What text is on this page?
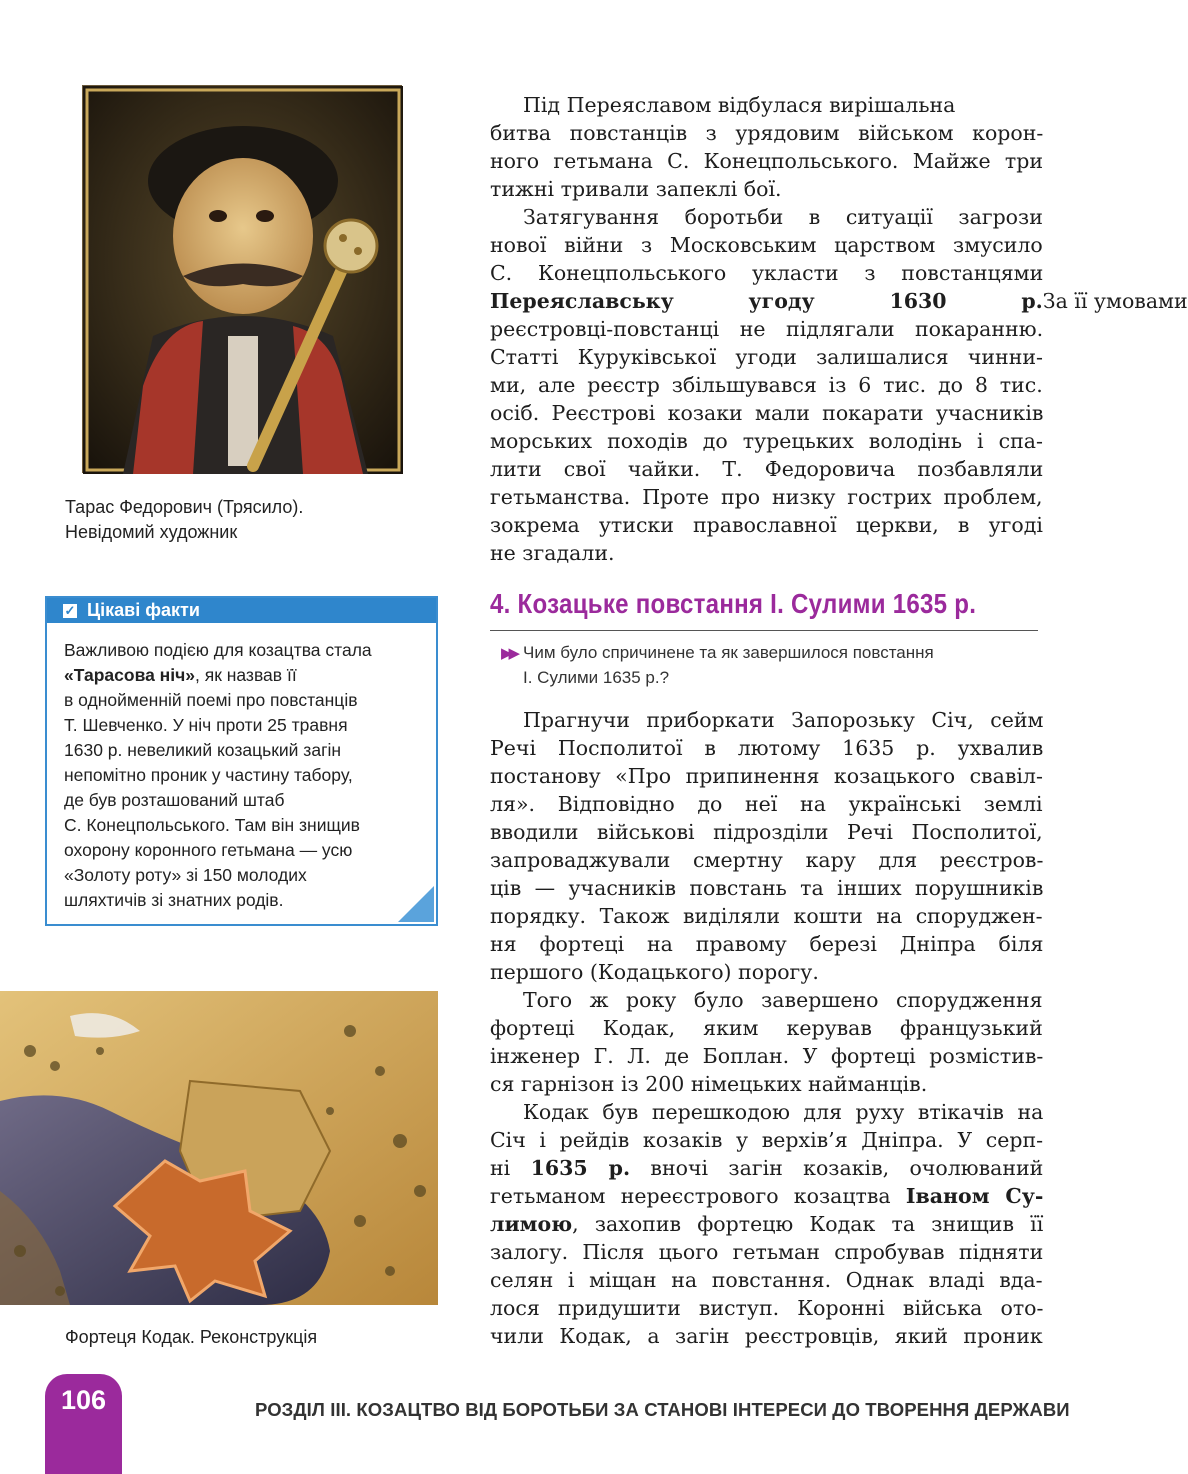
Тарас Федорович (Трясило).
Невідомий художник
✓ Цікаві факти
Важливою подією для козацтва стала
«Тарасова ніч», як назвав її
в однойменній поемі про повстанців
Т. Шевченко. У ніч проти 25 травня
1630 р. невеликий козацький загін
непомітно проник у частину табору,
де був розташований штаб
С. Конецпольського. Там він знищив
охорону коронного гетьмана — усю
«Золоту роту» зі 150 молодих
шляхтичів зі знатних родів.
Фортеця Кодак. Реконструкція
Під Переяславом відбулася вирішальна
битва повстанців з урядовим військом корон-
ного гетьмана С. Конецпольського. Майже три
тижні тривали запеклі бої.
Затягування боротьби в ситуації загрози
нової війни з Московським царством змусило
С. Конецпольського укласти з повстанцями
Переяславську угоду 1630 р. За її умовами
реєстровці-повстанці не підлягали покаранню.
Статті Куруківської угоди залишалися чинни-
ми, але реєстр збільшувався із 6 тис. до 8 тис.
осіб. Реєстрові козаки мали покарати учасників
морських походів до турецьких володінь і спа-
лити свої чайки. Т. Федоровича позбавляли
гетьманства. Проте про низку гострих проблем,
зокрема утиски православної церкви, в угоді
не згадали.
4. Козацьке повстання І. Сулими 1635 р.
▶▶ Чим було спричинене та як завершилося повстання
І. Сулими 1635 р.?
Прагнучи приборкати Запорозьку Січ, сейм
Речі Посполитої в лютому 1635 р. ухвалив
постанову «Про припинення козацького свавіл-
ля». Відповідно до неї на українські землі
вводили військові підрозділи Речі Посполитої,
запроваджували смертну кару для реєстров-
ців — учасників повстань та інших порушників
порядку. Також виділяли кошти на споруджен-
ня фортеці на правому березі Дніпра біля
першого (Кодацького) порогу.
Того ж року було завершено спорудження
фортеці Кодак, яким керував французький
інженер Г. Л. де Боплан. У фортеці розмістив-
ся гарнізон із 200 німецьких найманців.
Кодак був перешкодою для руху втікачів на
Січ і рейдів козаків у верхів’я Дніпра. У серп-
ні 1635 р. вночі загін козаків, очолюваний
гетьманом нереєстрового козацтва Іваном Су-
лимою, захопив фортецю Кодак та знищив її
залогу. Після цього гетьман спробував підняти
селян і міщан на повстання. Однак владі вда-
лося придушити виступ. Коронні війська ото-
чили Кодак, а загін реєстровців, який проник
106	РОЗДІЛ ІІІ. КОЗАЦТВО ВІД БОРОТЬБИ ЗА СТАНОВІ ІНТЕРЕСИ ДО ТВОРЕННЯ ДЕРЖАВИ
